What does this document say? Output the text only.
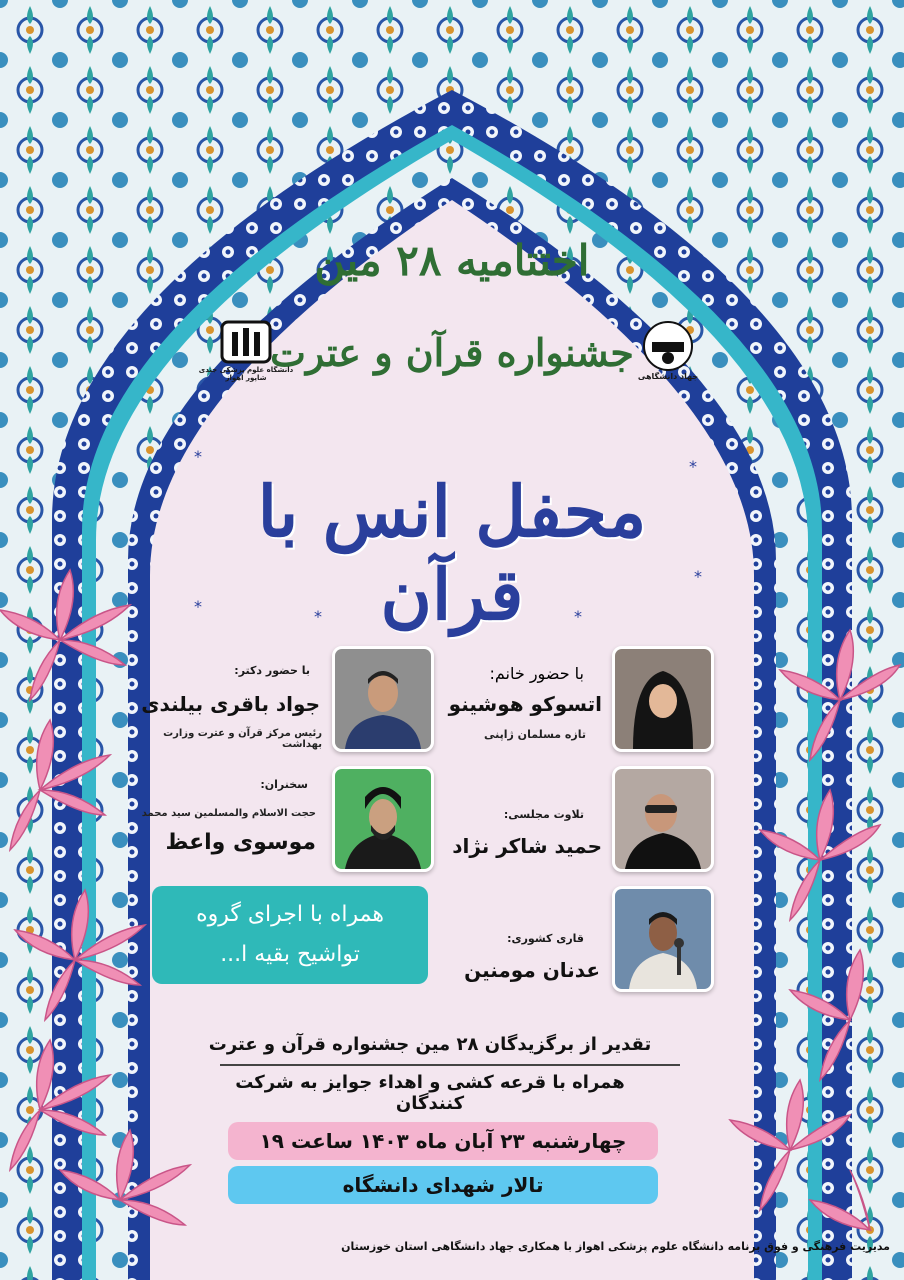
اختتامیه ۲۸ مین
جشنواره قرآن و عترت
جهاد دانشگاهی
دانشگاه علوم پزشکی جندی شاپور اهواز
*
*
*
*
*	*
محفل انس با قرآن
با حضور خانم:
اتسوکو هوشینو
تازه مسلمان ژاپنی
با حضور دکتر:
جواد باقری بیلندی
رئیس مرکز قرآن و عترت وزارت بهداشت
تلاوت مجلسی:
حمید شاکر نژاد
سخنران:
حجت الاسلام والمسلمین سید محمد
موسوی واعظ
قاری کشوری:
عدنان مومنین
همراه با اجرای گروه
تواشیح بقیه ا...
تقدیر از برگزیدگان ۲۸ مین جشنواره قرآن و عترت
همراه با قرعه کشی و اهداء جوایز به شرکت کنندگان
چهارشنبه ۲۳ آبان ماه ۱۴۰۳ ساعت ۱۹
تالار شهدای دانشگاه
مدیریت فرهنگی و فوق برنامه دانشگاه علوم پزشکی اهواز با همکاری جهاد دانشگاهی استان خوزستان
